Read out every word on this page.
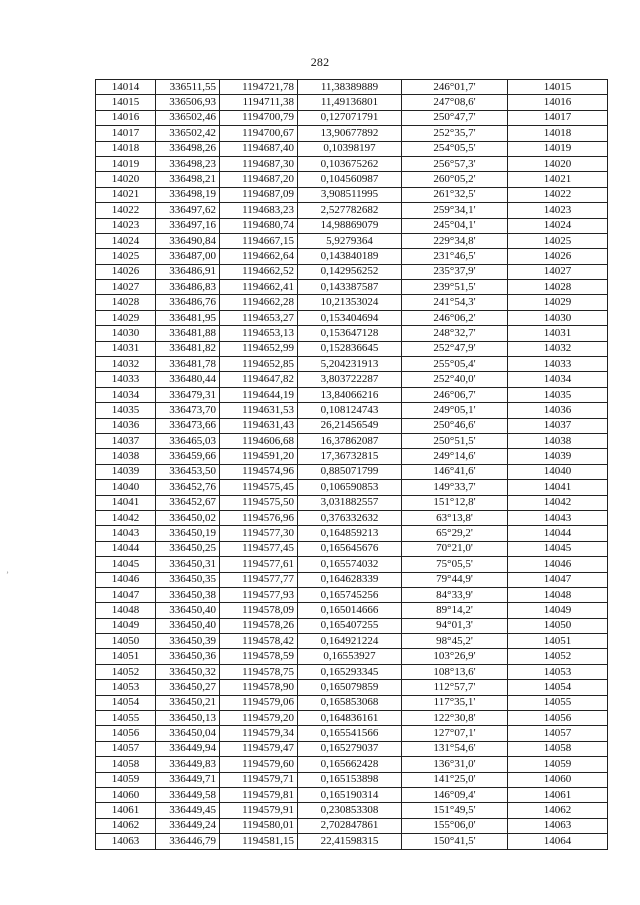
282
’
14014	336511,55	1194721,78	11,38389889	246°01,7'	14015
14015	336506,93	1194711,38	11,49136801	247°08,6'	14016
14016	336502,46	1194700,79	0,127071791	250°47,7'	14017
14017	336502,42	1194700,67	13,90677892	252°35,7'	14018
14018	336498,26	1194687,40	0,10398197	254°05,5'	14019
14019	336498,23	1194687,30	0,103675262	256°57,3'	14020
14020	336498,21	1194687,20	0,104560987	260°05,2'	14021
14021	336498,19	1194687,09	3,908511995	261°32,5'	14022
14022	336497,62	1194683,23	2,527782682	259°34,1'	14023
14023	336497,16	1194680,74	14,98869079	245°04,1'	14024
14024	336490,84	1194667,15	5,9279364	229°34,8'	14025
14025	336487,00	1194662,64	0,143840189	231°46,5'	14026
14026	336486,91	1194662,52	0,142956252	235°37,9'	14027
14027	336486,83	1194662,41	0,143387587	239°51,5'	14028
14028	336486,76	1194662,28	10,21353024	241°54,3'	14029
14029	336481,95	1194653,27	0,153404694	246°06,2'	14030
14030	336481,88	1194653,13	0,153647128	248°32,7'	14031
14031	336481,82	1194652,99	0,152836645	252°47,9'	14032
14032	336481,78	1194652,85	5,204231913	255°05,4'	14033
14033	336480,44	1194647,82	3,803722287	252°40,0'	14034
14034	336479,31	1194644,19	13,84066216	246°06,7'	14035
14035	336473,70	1194631,53	0,108124743	249°05,1'	14036
14036	336473,66	1194631,43	26,21456549	250°46,6'	14037
14037	336465,03	1194606,68	16,37862087	250°51,5'	14038
14038	336459,66	1194591,20	17,36732815	249°14,6'	14039
14039	336453,50	1194574,96	0,885071799	146°41,6'	14040
14040	336452,76	1194575,45	0,106590853	149°33,7'	14041
14041	336452,67	1194575,50	3,031882557	151°12,8'	14042
14042	336450,02	1194576,96	0,376332632	63°13,8'	14043
14043	336450,19	1194577,30	0,164859213	65°29,2'	14044
14044	336450,25	1194577,45	0,165645676	70°21,0'	14045
14045	336450,31	1194577,61	0,165574032	75°05,5'	14046
14046	336450,35	1194577,77	0,164628339	79°44,9'	14047
14047	336450,38	1194577,93	0,165745256	84°33,9'	14048
14048	336450,40	1194578,09	0,165014666	89°14,2'	14049
14049	336450,40	1194578,26	0,165407255	94°01,3'	14050
14050	336450,39	1194578,42	0,164921224	98°45,2'	14051
14051	336450,36	1194578,59	0,16553927	103°26,9'	14052
14052	336450,32	1194578,75	0,165293345	108°13,6'	14053
14053	336450,27	1194578,90	0,165079859	112°57,7'	14054
14054	336450,21	1194579,06	0,165853068	117°35,1'	14055
14055	336450,13	1194579,20	0,164836161	122°30,8'	14056
14056	336450,04	1194579,34	0,165541566	127°07,1'	14057
14057	336449,94	1194579,47	0,165279037	131°54,6'	14058
14058	336449,83	1194579,60	0,165662428	136°31,0'	14059
14059	336449,71	1194579,71	0,165153898	141°25,0'	14060
14060	336449,58	1194579,81	0,165190314	146°09,4'	14061
14061	336449,45	1194579,91	0,230853308	151°49,5'	14062
14062	336449,24	1194580,01	2,702847861	155°06,0'	14063
14063	336446,79	1194581,15	22,41598315	150°41,5'	14064
